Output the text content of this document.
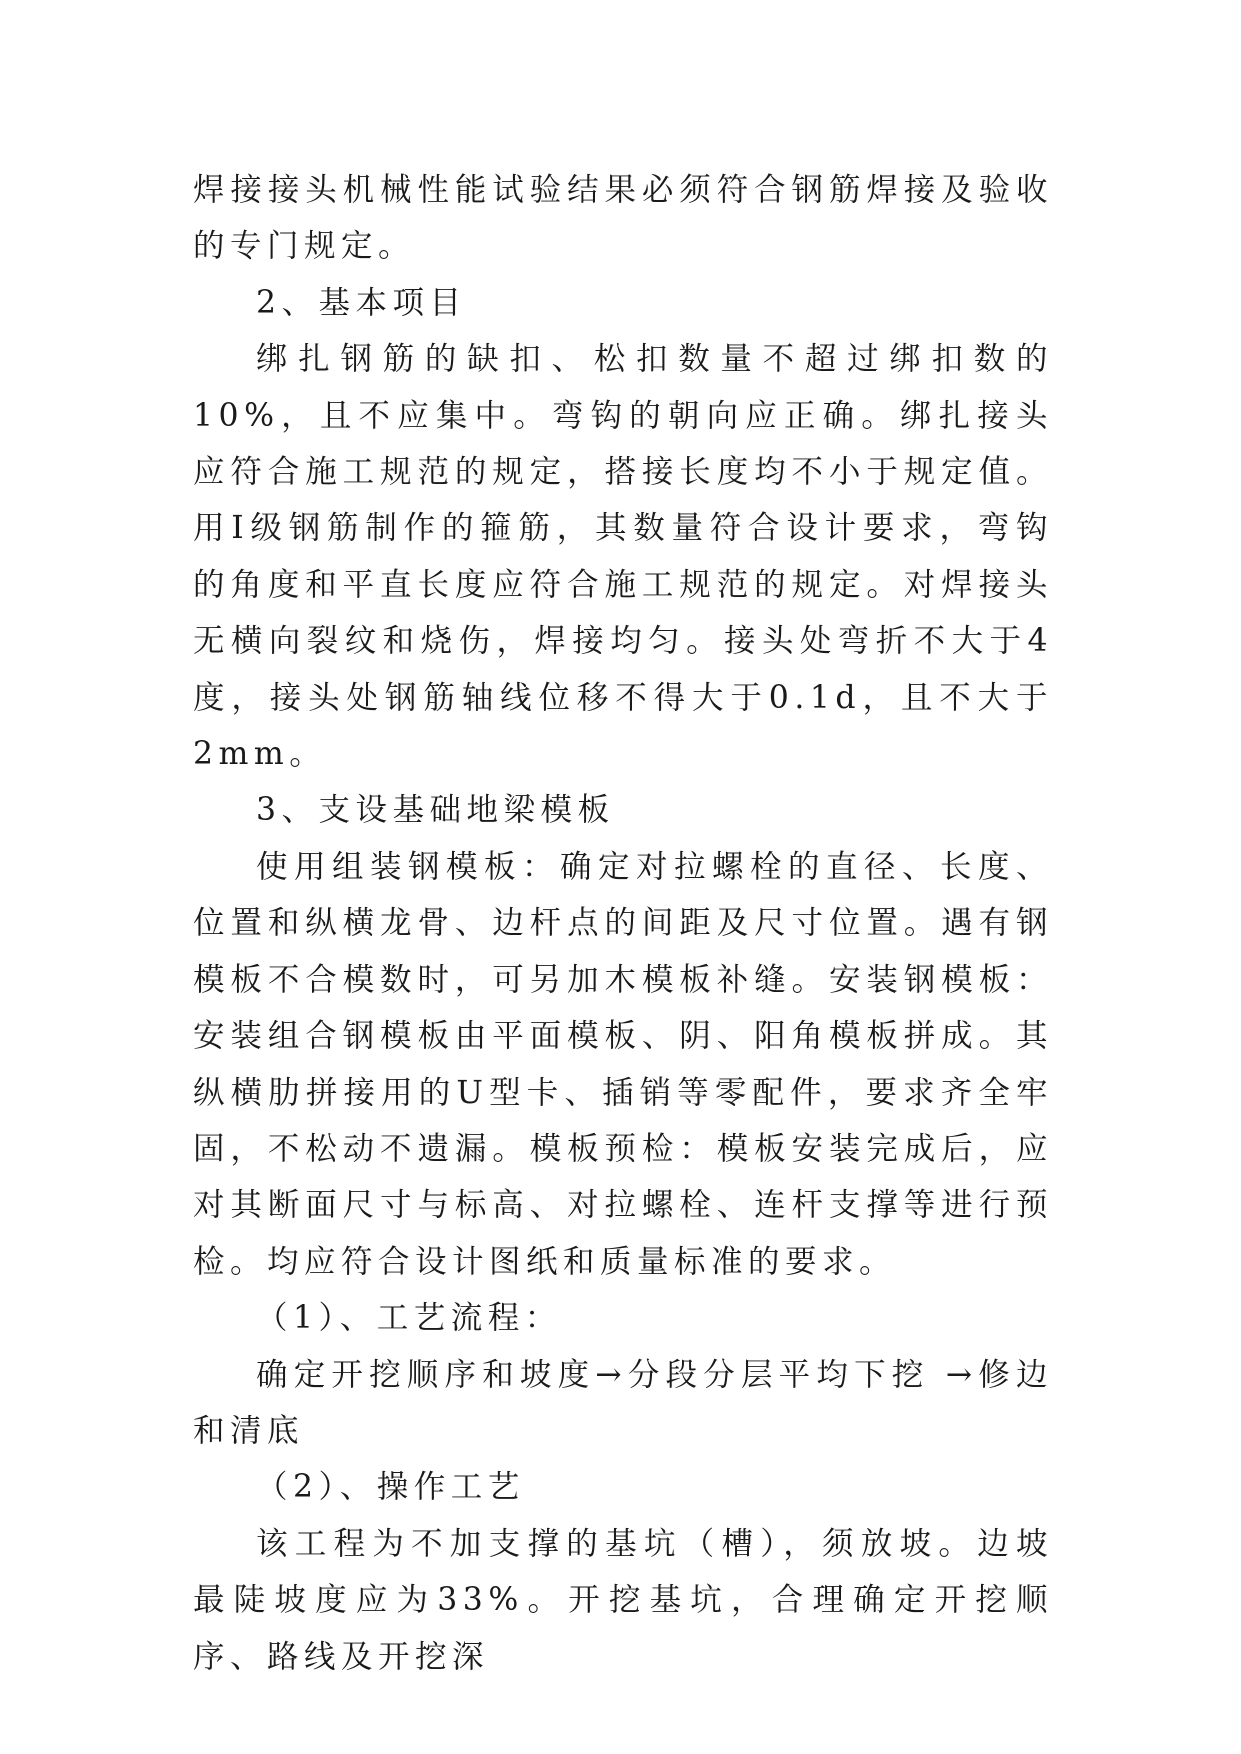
焊接接头机械性能试验结果必须符合钢筋焊接及验收的专门规定。

2、基本项目

绑扎钢筋的缺扣、松扣数量不超过绑扣数的10%，且不应集中。弯钩的朝向应正确。绑扎接头应符合施工规范的规定，搭接长度均不小于规定值。用I级钢筋制作的箍筋，其数量符合设计要求，弯钩的角度和平直长度应符合施工规范的规定。对焊接头无横向裂纹和烧伤，焊接均匀。接头处弯折不大于4度，接头处钢筋轴线位移不得大于0.1d，且不大于2mm。

3、支设基础地梁模板

使用组装钢模板：确定对拉螺栓的直径、长度、位置和纵横龙骨、边杆点的间距及尺寸位置。遇有钢模板不合模数时，可另加木模板补缝。安装钢模板：安装组合钢模板由平面模板、阴、阳角模板拼成。其纵横肋拼接用的U型卡、插销等零配件，要求齐全牢固，不松动不遗漏。模板预检：模板安装完成后，应对其断面尺寸与标高、对拉螺栓、连杆支撑等进行预检。均应符合设计图纸和质量标准的要求。

（1）、工艺流程：

确定开挖顺序和坡度→分段分层平均下挖 →修边和清底

（2）、操作工艺

该工程为不加支撑的基坑（槽），须放坡。边坡最陡坡度应为33%。开挖基坑，合理确定开挖顺序、路线及开挖深
